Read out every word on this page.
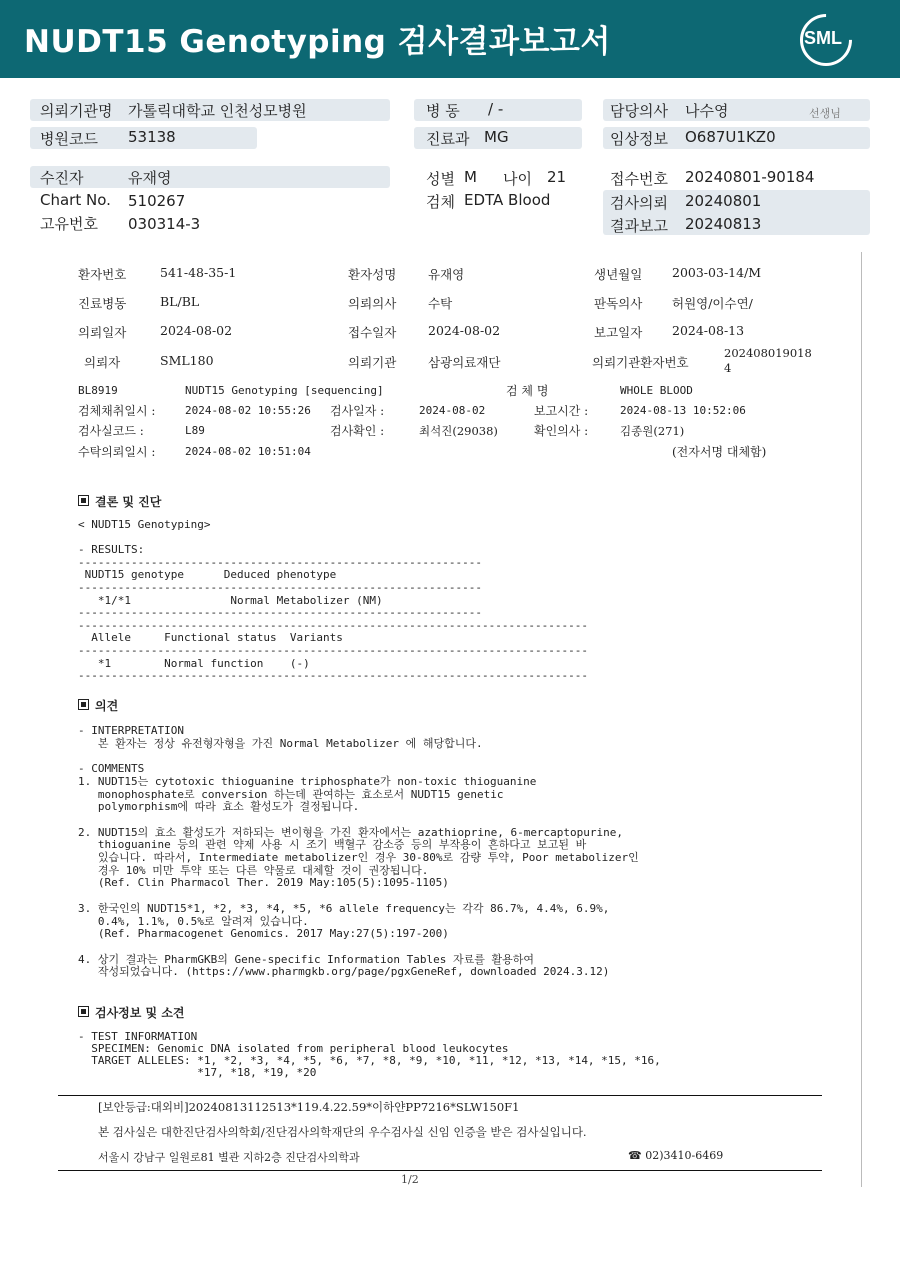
NUDT15 Genotyping 검사결과보고서	SML
의뢰기관명 가톨릭대학교 인천성모병원
병원코드 53138
병 동 / -
진료과 MG
담당의사 나수영	선생님
임상정보 O687U1KZ0
수진자	유재영
Chart No. 510267
고유번호 030314-3
성별 M 나이 21
검체 EDTA Blood
접수번호 20240801-90184
검사의뢰 20240801
결과보고 20240813
환자번호	541-48-35-1	환자성명	유재영	생년월일 2003-03-14/M
진료병동	BL/BL	의뢰의사	수탁	판독의사 허원영/이수연/
의뢰일자	2024-08-02	접수일자	2024-08-02	보고일자 2024-08-13
의뢰자	SML180	의뢰기관	삼광의료재단	의뢰기관환자번호
202408019018
4
BL8919	NUDT15 Genotyping [sequencing]	검 체 명	WHOLE BLOOD
검체채취일시 :	2024-08-02 10:55:26 검사일자 :	2024-08-02	보고시간 :	2024-08-13 10:52:06
검사실코드 :	L89	검사확인 :	최석진(29038)	확인의사 :	김종원(271)
수탁의뢰일시 :	2024-08-02 10:51:04	(전자서명 대체함)
결론 및 진단
< NUDT15 Genotyping>

- RESULTS:
-------------------------------------------------------------
NUDT15 genotype      Deduced phenotype
-------------------------------------------------------------
*1/*1               Normal Metabolizer (NM)
-------------------------------------------------------------
-----------------------------------------------------------------------------
Allele     Functional status  Variants
-----------------------------------------------------------------------------
*1        Normal function    (-)
-----------------------------------------------------------------------------
의견
- INTERPRETATION
본 환자는 정상 유전형자형을 가진 Normal Metabolizer 에 해당합니다.

- COMMENTS
1. NUDT15는 cytotoxic thioguanine triphosphate가 non-toxic thioguanine
monophosphate로 conversion 하는데 관여하는 효소로서 NUDT15 genetic
polymorphism에 따라 효소 활성도가 결정됩니다.

2. NUDT15의 효소 활성도가 저하되는 변이형을 가진 환자에서는 azathioprine, 6-mercaptopurine,
thioguanine 등의 관련 약제 사용 시 조기 백혈구 감소증 등의 부작용이 흔하다고 보고된 바
있습니다. 따라서, Intermediate metabolizer인 경우 30-80%로 감량 투약, Poor metabolizer인
경우 10% 미만 투약 또는 다른 약물로 대체할 것이 권장됩니다.
(Ref. Clin Pharmacol Ther. 2019 May:105(5):1095-1105)

3. 한국인의 NUDT15*1, *2, *3, *4, *5, *6 allele frequency는 각각 86.7%, 4.4%, 6.9%,
0.4%, 1.1%, 0.5%로 알려져 있습니다.
(Ref. Pharmacogenet Genomics. 2017 May:27(5):197-200)

4. 상기 결과는 PharmGKB의 Gene-specific Information Tables 자료를 활용하여
작성되었습니다. (https://www.pharmgkb.org/page/pgxGeneRef, downloaded 2024.3.12)
검사정보 및 소견
- TEST INFORMATION
SPECIMEN: Genomic DNA isolated from peripheral blood leukocytes
TARGET ALLELES: *1, *2, *3, *4, *5, *6, *7, *8, *9, *10, *11, *12, *13, *14, *15, *16,
*17, *18, *19, *20
[보안등급:대외비]20240813112513*119.4.22.59*이하얀PP7216*SLW150F1
본 검사실은 대한진단검사의학회/진단검사의학재단의 우수검사실 신임 인증을 받은 검사실입니다.
서울시 강남구 일원로81 별관 지하2층 진단검사의학과	☎ 02)3410-6469
1/2
